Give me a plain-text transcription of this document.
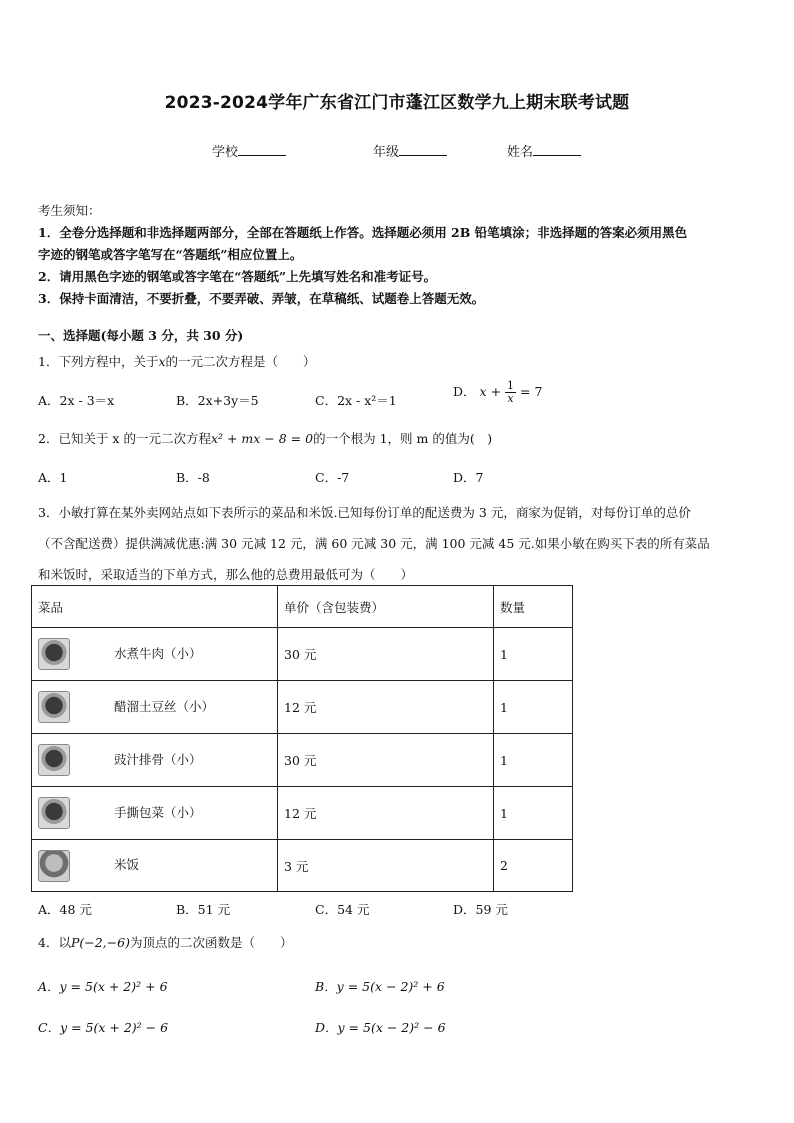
2023-2024学年广东省江门市蓬江区数学九上期末联考试题
学校	年级	姓名
考生须知：
1．全卷分选择题和非选择题两部分，全部在答题纸上作答。选择题必须用 2B 铅笔填涂；非选择题的答案必须用黑色
字迹的钢笔或答字笔写在“答题纸”相应位置上。
2．请用黑色字迹的钢笔或答字笔在“答题纸”上先填写姓名和准考证号。
3．保持卡面清洁，不要折叠，不要弄破、弄皱，在草稿纸、试题卷上答题无效。
一、选择题(每小题 3 分，共 30 分)
1．下列方程中，关于x的一元二次方程是（　　）
A．2x - 3＝x	B．2x+3y＝5	C．2x - x²＝1
D． $x + \frac{1}{x} = 7$
2．已知关于 x 的一元二次方程x² + mx − 8 = 0的一个根为 1，则 m 的值为(　)
A．1	B．-8	C．-7	D．7
3．小敏打算在某外卖网站点如下表所示的菜品和米饭.已知每份订单的配送费为 3 元，商家为促销，对每份订单的总价
（不含配送费）提供满减优惠:满 30 元减 12 元，满 60 元减 30 元，满 100 元减 45 元.如果小敏在购买下表的所有菜品
和米饭时，采取适当的下单方式，那么他的总费用最低可为（　　）
菜品	单价（含包装费）	数量
水煮牛肉（小）	30 元	1
醋溜土豆丝（小）	12 元	1
豉汁排骨（小）	30 元	1
手撕包菜（小）	12 元	1
米饭	3 元	2
A．48 元	B．51 元	C．54 元	D．59 元
4．以P(−2,−6)为顶点的二次函数是（　　）
A．y = 5(x + 2)² + 6	B．y = 5(x − 2)² + 6
C．y = 5(x + 2)² − 6	D．y = 5(x − 2)² − 6
